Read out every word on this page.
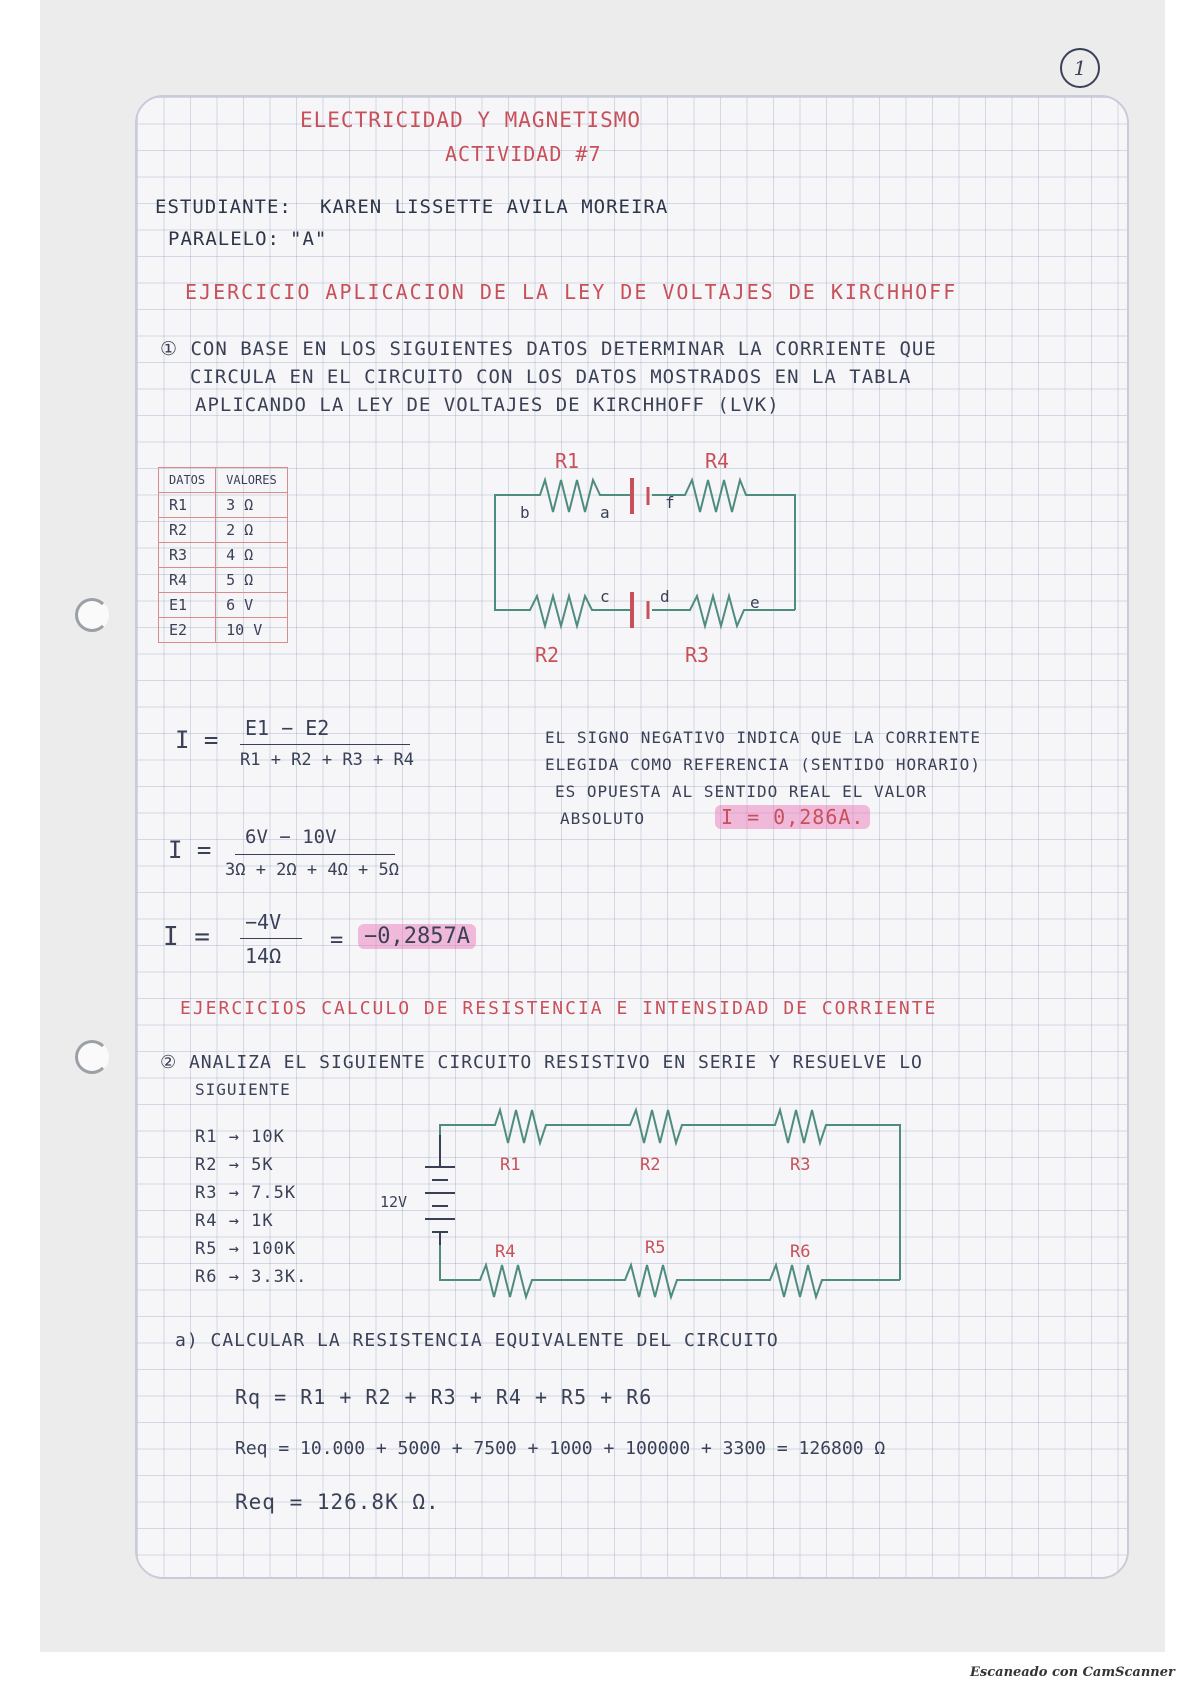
1
ELECTRICIDAD Y MAGNETISMO
ACTIVIDAD #7
ESTUDIANTE: KAREN LISSETTE AVILA MOREIRA
PARALELO: "A"
EJERCICIO APLICACION DE LA LEY DE VOLTAJES DE KIRCHHOFF
① CON BASE EN LOS SIGUIENTES DATOS DETERMINAR LA CORRIENTE QUE
CIRCULA EN EL CIRCUITO CON LOS DATOS MOSTRADOS EN LA TABLA
APLICANDO LA LEY DE VOLTAJES DE KIRCHHOFF (LVK)
DATOS	VALORES
R1	3 Ω
R2	2 Ω
R3	4 Ω
R4	5 Ω
E1	6 V
E2	10 V
R1	R4
R2	R3
b	a
f
c	d	e
I = E1 − E2
R1 + R2 + R3 + R4
I = 6V − 10V
3Ω + 2Ω + 4Ω + 5Ω
I = −4V
14Ω
= −0,2857A
EL SIGNO NEGATIVO INDICA QUE LA CORRIENTE
ELEGIDA COMO REFERENCIA (SENTIDO HORARIO)
ES OPUESTA AL SENTIDO REAL EL VALOR
ABSOLUTO	I = 0,286A.
EJERCICIOS CALCULO DE RESISTENCIA E INTENSIDAD DE CORRIENTE
② ANALIZA EL SIGUIENTE CIRCUITO RESISTIVO EN SERIE Y RESUELVE LO
SIGUIENTE
R1 → 10K
R2 → 5K
R3 → 7.5K
R4 → 1K
R5 → 100K
R6 → 3.3K.
12V
R1	R2	R3
R4	R5	R6
a) CALCULAR LA RESISTENCIA EQUIVALENTE DEL CIRCUITO
Rq = R1 + R2 + R3 + R4 + R5 + R6
Req = 10.000 + 5000 + 7500 + 1000 + 100000 + 3300 = 126800 Ω
Req = 126.8K Ω.
Escaneado con CamScanner
